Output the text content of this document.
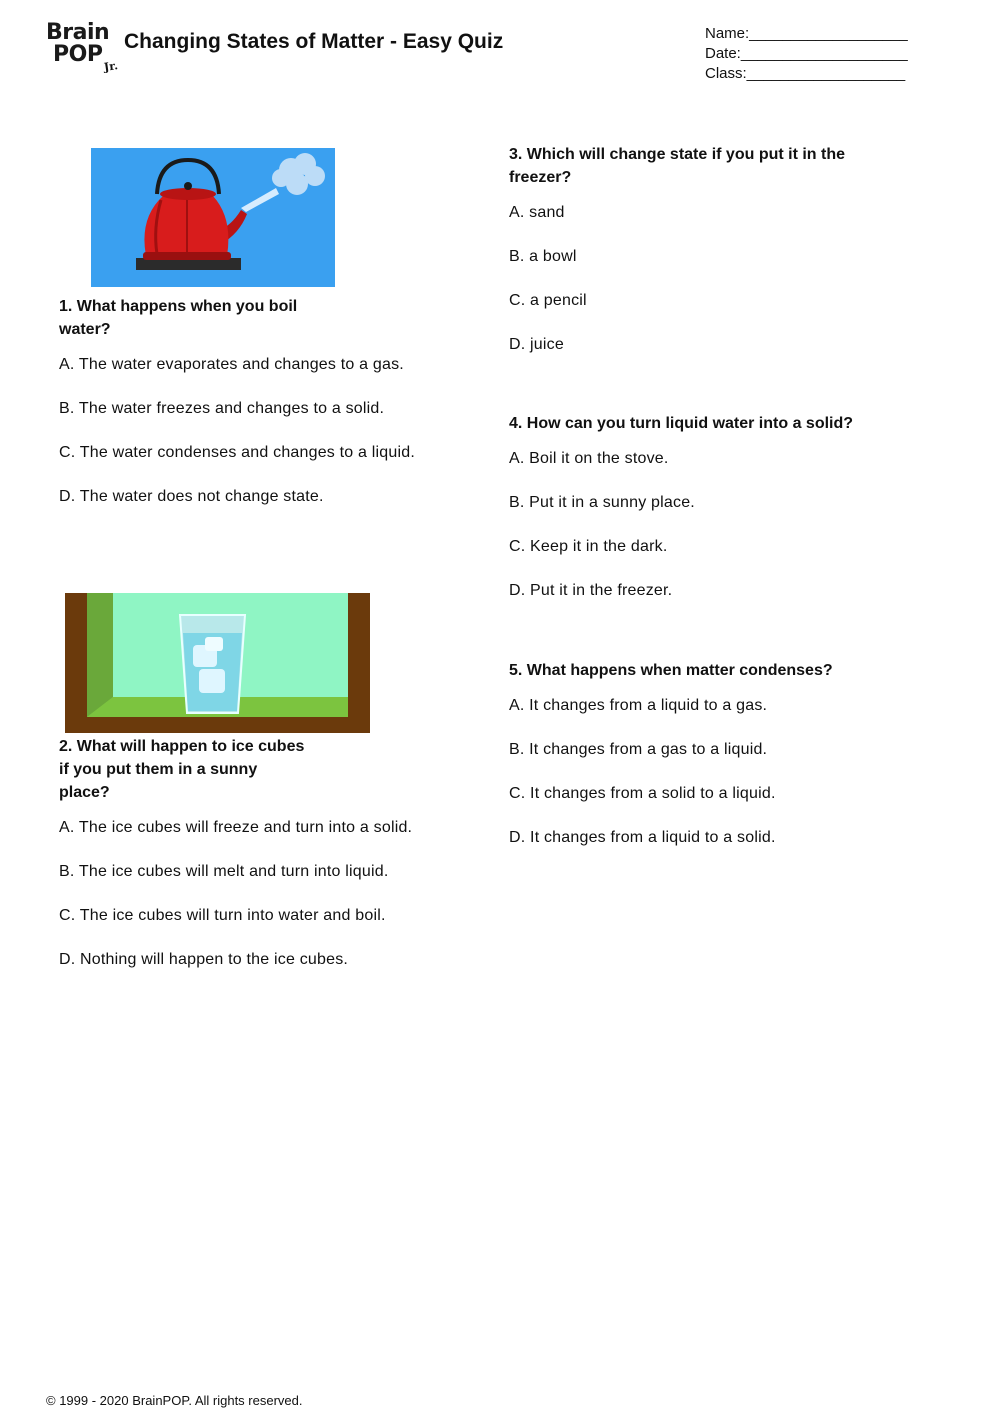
Brain
POP Jr.
Changing States of Matter - Easy Quiz	Name:___________________
Date:____________________
Class:___________________
1. What happens when you boil water?
A. The water evaporates and changes to a gas.
B. The water freezes and changes to a solid.
C. The water condenses and changes to a liquid.
D. The water does not change state.
2. What will happen to ice cubes if you put them in a sunny place?
A. The ice cubes will freeze and turn into a solid.
B. The ice cubes will melt and turn into liquid.
C. The ice cubes will turn into water and boil.
D. Nothing will happen to the ice cubes.
3. Which will change state if you put it in the freezer?
A. sand
B. a bowl
C. a pencil
D. juice
4. How can you turn liquid water into a solid?
A. Boil it on the stove.
B. Put it in a sunny place.
C. Keep it in the dark.
D. Put it in the freezer.
5. What happens when matter condenses?
A. It changes from a liquid to a gas.
B. It changes from a gas to a liquid.
C. It changes from a solid to a liquid.
D. It changes from a liquid to a solid.
© 1999 - 2020 BrainPOP. All rights reserved.
